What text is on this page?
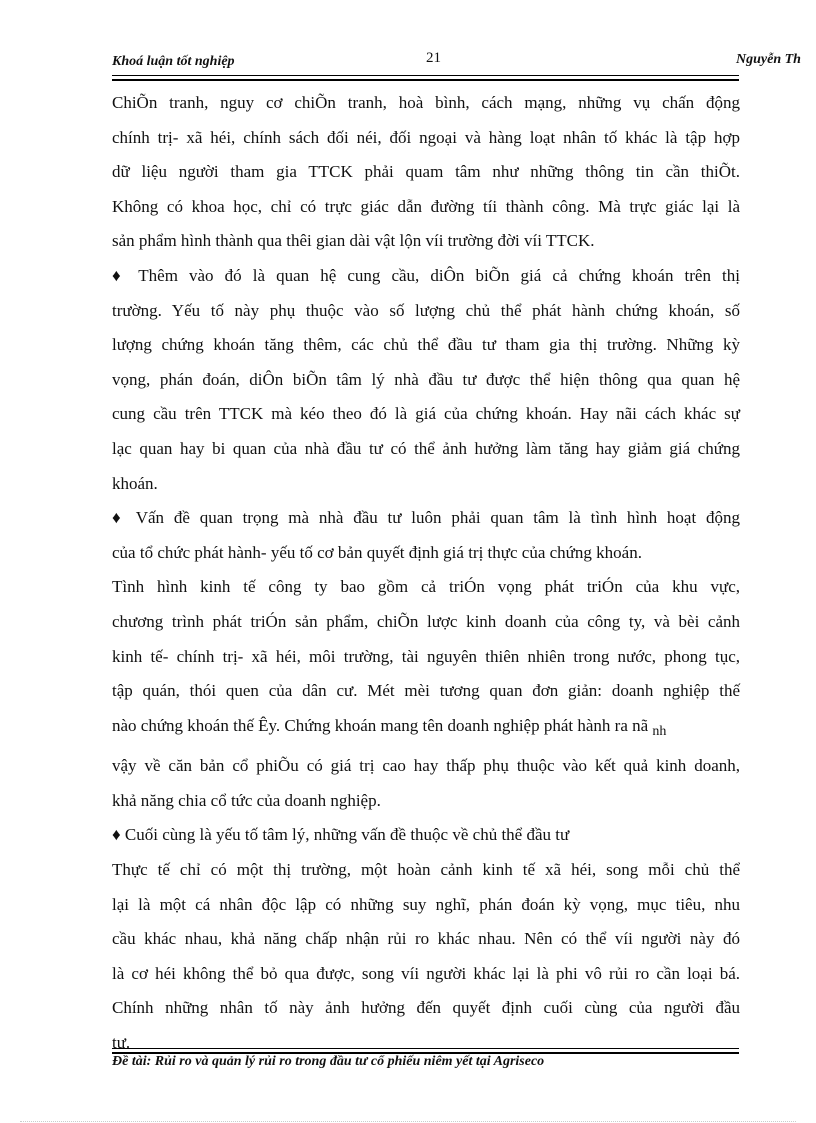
Khoá luận tốt nghiệp	21	Nguyễn Th
ChiÕn tranh, nguy cơ chiÕn tranh, hoà bình, cách mạng, những vụ chấn động
chính trị- xã héi, chính sách đối néi, đối ngoại và hàng loạt nhân tố khác là tập hợp
dữ liệu người tham gia TTCK phải quam tâm như những thông tin cần thiÕt.
Không có khoa học, chỉ có trực giác dẫn đường tíi thành công. Mà trực giác lại là
sản phẩm hình thành qua thêi gian dài vật lộn víi trường đời víi TTCK.
♦ Thêm vào đó là quan hệ cung cầu, diÔn biÕn giá cả chứng khoán trên thị
trường. Yếu tố này phụ thuộc vào số lượng chủ thể phát hành chứng khoán, số
lượng chứng khoán tăng thêm, các chủ thể đầu tư tham gia thị trường. Những kỳ
vọng, phán đoán, diÔn biÕn tâm lý nhà đầu tư được thể hiện thông qua quan hệ
cung cầu trên TTCK mà kéo theo đó là giá của chứng khoán. Hay nãi cách khác sự
lạc quan hay bi quan của nhà đầu tư có thể ảnh hưởng làm tăng hay giảm giá chứng
khoán.
♦ Vấn đề quan trọng mà nhà đầu tư luôn phải quan tâm là tình hình hoạt động
của tổ chức phát hành- yếu tố cơ bản quyết định giá trị thực của chứng khoán.
Tình hình kinh tế công ty bao gồm cả triÓn vọng phát triÓn của khu vực,
chương trình phát triÓn sản phẩm, chiÕn lược kinh doanh của công ty, và bèi cảnh
kinh tế- chính trị- xã héi, môi trường, tài nguyên thiên nhiên trong nước, phong tục,
tập quán, thói quen của dân cư. Mét mèi tương quan đơn giản: doanh nghiệp thế
nào chứng khoán thế Êy. Chứng khoán mang tên doanh nghiệp phát hành ra nã $_{nh}$
vậy về căn bản cổ phiÕu có giá trị cao hay thấp phụ thuộc vào kết quả kinh doanh,
khả năng chia cổ tức của doanh nghiệp.
♦ Cuối cùng là yếu tố tâm lý, những vấn đề thuộc về chủ thể đầu tư
Thực tế chỉ có một thị trường, một hoàn cảnh kinh tế xã héi, song mỗi chủ thể
lại là một cá nhân độc lập có những suy nghĩ, phán đoán kỳ vọng, mục tiêu, nhu
cầu khác nhau, khả năng chấp nhận rủi ro khác nhau. Nên có thể víi người này đó
là cơ héi không thể bỏ qua được, song víi người khác lại là phi vô rủi ro cần loại bá.
Chính những nhân tố này ảnh hưởng đến quyết định cuối cùng của người đầu
tư.
Đề tài: Rủi ro và quản lý rủi ro trong đầu tư cổ phiếu niêm yết tại Agriseco
